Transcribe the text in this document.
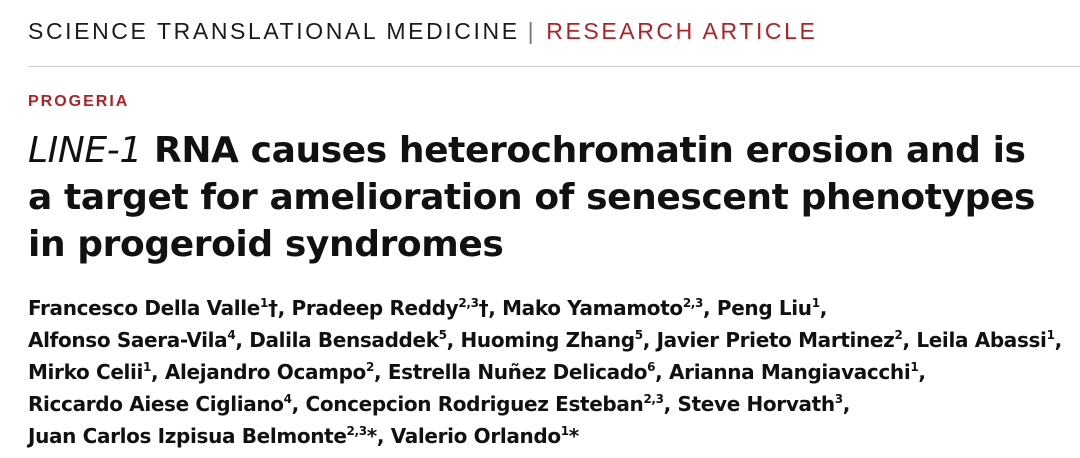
SCIENCE TRANSLATIONAL MEDICINE | RESEARCH ARTICLE
PROGERIA
LINE-1 RNA causes heterochromatin erosion and is
a target for amelioration of senescent phenotypes
in progeroid syndromes
Francesco Della Valle$^1$†, Pradeep Reddy$^{2,3}$†, Mako Yamamoto$^{2,3}$, Peng Liu$^1$,
Alfonso Saera-Vila$^4$, Dalila Bensaddek$^5$, Huoming Zhang$^5$, Javier Prieto Martinez$^2$, Leila Abassi$^1$,
Mirko Celii$^1$, Alejandro Ocampo$^2$, Estrella Nuñez Delicado$^6$, Arianna Mangiavacchi$^1$,
Riccardo Aiese Cigliano$^4$, Concepcion Rodriguez Esteban$^{2,3}$, Steve Horvath$^3$,
Juan Carlos Izpisua Belmonte$^{2,3}$*, Valerio Orlando$^1$*
